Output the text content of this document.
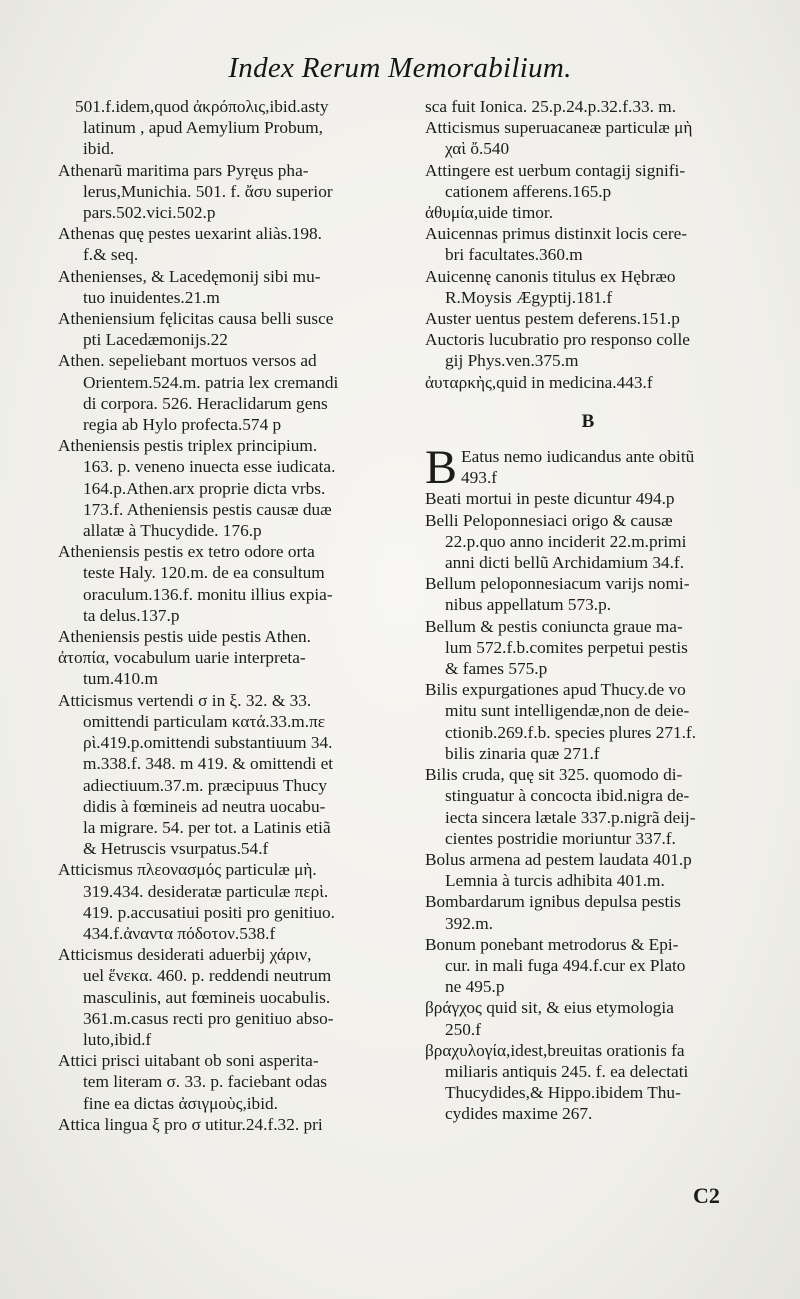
Index Rerum Memorabilium.
501.f.idem,quod ἀκρόπολις,ibid.asty
latinum , apud Aemylium Probum,
ibid.
Athenarũ maritima pars Pyręus pha-
lerus,Munichia. 501. f. ἄσυ superior
pars.502.vici.502.p
Athenas quę pestes uexarint aliàs.198.
f.& seq.
Athenienses, & Lacedęmonij sibi mu-
tuo inuidentes.21.m
Atheniensium fęlicitas causa belli susce
pti Lacedæmonijs.22
Athen. sepeliebant mortuos versos ad
Orientem.524.m. patria lex cremandi
di corpora. 526. Heraclidarum gens
regia ab Hylo profecta.574 p
Atheniensis pestis triplex principium.
163. p. veneno inuecta esse iudicata.
164.p.Athen.arx proprie dicta vrbs.
173.f. Atheniensis pestis causæ duæ
allatæ à Thucydide. 176.p
Atheniensis pestis ex tetro odore orta
teste Haly. 120.m. de ea consultum
oraculum.136.f. monitu illius expia-
ta delus.137.p
Atheniensis pestis uide pestis Athen.
ἀτοπία, vocabulum uarie interpreta-
tum.410.m
Atticismus vertendi σ in ξ. 32. & 33.
omittendi particulam κατά.33.m.πε
ρὶ.419.p.omittendi substantiuum 34.
m.338.f. 348. m 419. & omittendi et
adiectiuum.37.m. præcipuus Thucy
didis à fœmineis ad neutra uocabu-
la migrare. 54. per tot. a Latinis etiã
& Hetruscis vsurpatus.54.f
Atticismus πλεονασμός particulæ μὴ.
319.434. desideratæ particulæ περὶ.
419. p.accusatiui positi pro genitiuo.
434.f.ἀναντα πόδοτον.538.f
Atticismus desiderati aduerbij χάριν,
uel ἕνεκα. 460. p. reddendi neutrum
masculinis, aut fœmineis uocabulis.
361.m.casus recti pro genitiuo abso-
luto,ibid.f
Attici prisci uitabant ob soni asperita-
tem literam σ. 33. p. faciebant odas
fine ea dictas ἀσιγμοὺς,ibid.
Attica lingua ξ pro σ utitur.24.f.32. pri
sca fuit Ionica. 25.p.24.p.32.f.33. m.
Atticismus superuacaneæ particulæ μὴ
χαὶ ὄ.540
Attingere est uerbum contagij signifi-
cationem afferens.165.p
ἀθυμία,uide timor.
Auicennas primus distinxit locis cere-
bri facultates.360.m
Auicennę canonis titulus ex Hębræo
R.Moysis Ægyptij.181.f
Auster uentus pestem deferens.151.p
Auctoris lucubratio pro responso colle
gij Phys.ven.375.m
ἀυταρκὴς,quid in medicina.443.f
B
B Eatus nemo iudicandus ante obitũ
493.f
Beati mortui in peste dicuntur 494.p
Belli Peloponnesiaci origo & causæ
22.p.quo anno inciderit 22.m.primi
anni dicti bellũ Archidamium 34.f.
Bellum peloponnesiacum varijs nomi-
nibus appellatum 573.p.
Bellum & pestis coniuncta graue ma-
lum 572.f.b.comites perpetui pestis
& fames 575.p
Bilis expurgationes apud Thucy.de vo
mitu sunt intelligendæ,non de deie-
ctionib.269.f.b. species plures 271.f.
bilis zinaria quæ 271.f
Bilis cruda, quę sit 325. quomodo di-
stinguatur à concocta ibid.nigra de-
iecta sincera lætale 337.p.nigrã deij-
cientes postridie moriuntur 337.f.
Bolus armena ad pestem laudata 401.p
Lemnia à turcis adhibita 401.m.
Bombardarum ignibus depulsa pestis
392.m.
Bonum ponebant metrodorus & Epi-
cur. in mali fuga 494.f.cur ex Plato
ne 495.p
βράγχος quid sit, & eius etymologia
250.f
βραχυλογία,idest,breuitas orationis fa
miliaris antiquis 245. f. ea delectati
Thucydides,& Hippo.ibidem Thu-
cydides maxime 267.
C2
